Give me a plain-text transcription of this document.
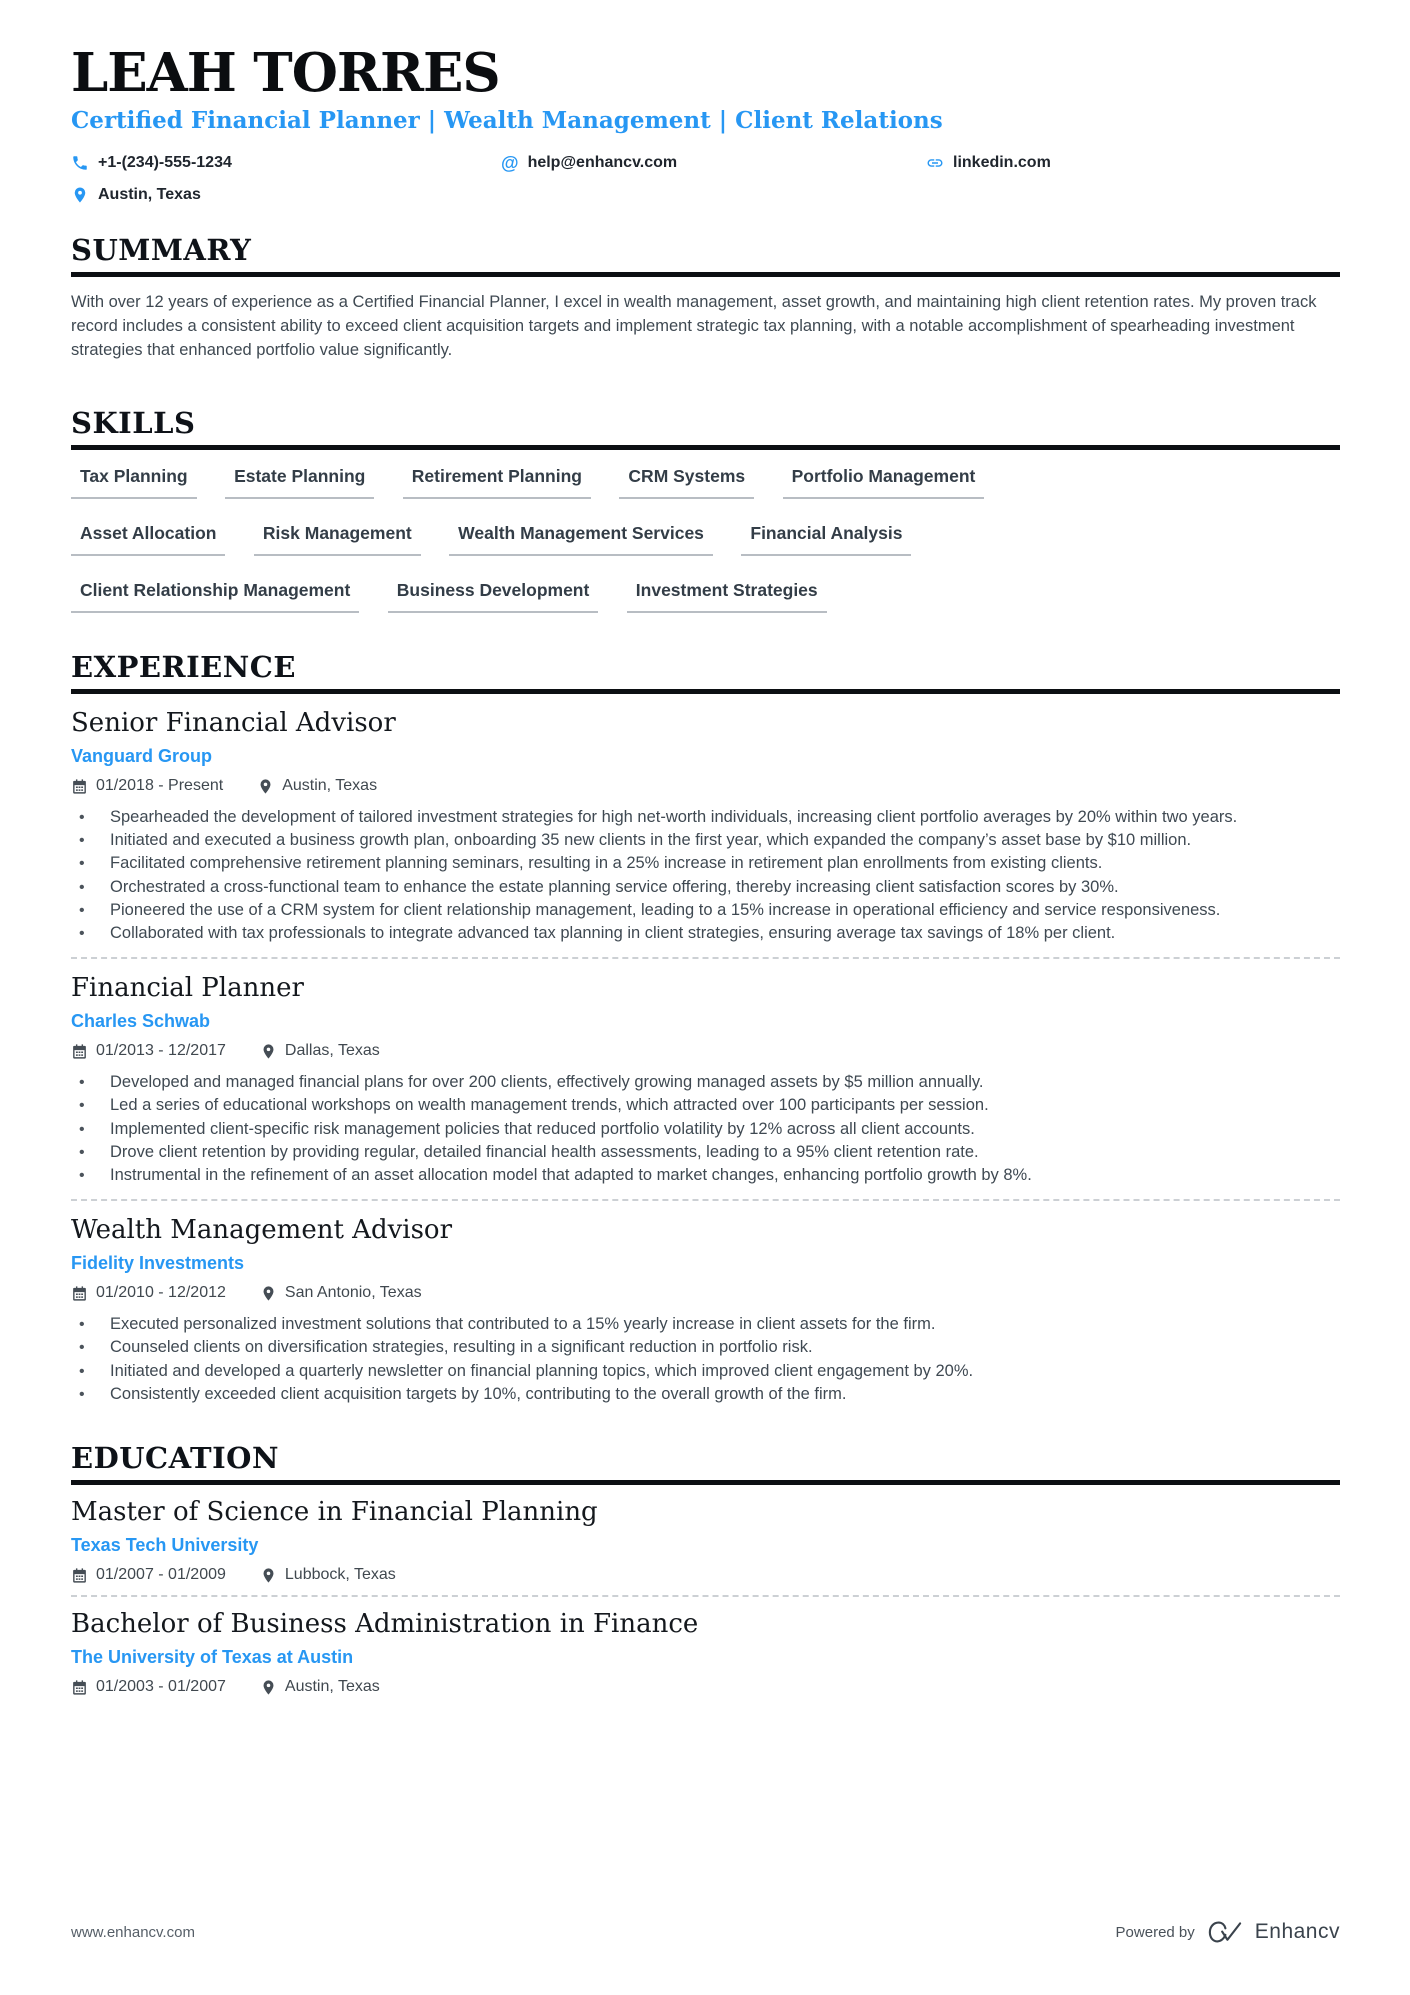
LEAH TORRES
Certified Financial Planner | Wealth Management | Client Relations
+1-(234)-555-1234 @	help@enhancv.com	linkedin.com
Austin, Texas
SUMMARY

With over 12 years of experience as a Certified Financial Planner, I excel in wealth management, asset growth, and maintaining high client retention rates. My proven track record includes a consistent ability to exceed client acquisition targets and implement strategic tax planning, with a notable accomplishment of spearheading investment strategies that enhanced portfolio value significantly.

SKILLS
Tax Planning	Estate Planning	Retirement Planning	CRM Systems	Portfolio Management
Asset Allocation	Risk Management	Wealth Management Services	Financial Analysis
Client Relationship Management	Business Development	Investment Strategies
EXPERIENCE
Senior Financial Advisor
Vanguard Group
01/2018 - Present	Austin, Texas
• Spearheaded the development of tailored investment strategies for high net-worth individuals, increasing client portfolio averages by 20% within two years.
• Initiated and executed a business growth plan, onboarding 35 new clients in the first year, which expanded the company’s asset base by $10 million.
• Facilitated comprehensive retirement planning seminars, resulting in a 25% increase in retirement plan enrollments from existing clients.
• Orchestrated a cross-functional team to enhance the estate planning service offering, thereby increasing client satisfaction scores by 30%.
• Pioneered the use of a CRM system for client relationship management, leading to a 15% increase in operational efficiency and service responsiveness.
• Collaborated with tax professionals to integrate advanced tax planning in client strategies, ensuring average tax savings of 18% per client.
Financial Planner
Charles Schwab
01/2013 - 12/2017	Dallas, Texas
• Developed and managed financial plans for over 200 clients, effectively growing managed assets by $5 million annually.
• Led a series of educational workshops on wealth management trends, which attracted over 100 participants per session.
• Implemented client-specific risk management policies that reduced portfolio volatility by 12% across all client accounts.
• Drove client retention by providing regular, detailed financial health assessments, leading to a 95% client retention rate.
• Instrumental in the refinement of an asset allocation model that adapted to market changes, enhancing portfolio growth by 8%.
Wealth Management Advisor
Fidelity Investments
01/2010 - 12/2012	San Antonio, Texas
• Executed personalized investment solutions that contributed to a 15% yearly increase in client assets for the firm.
• Counseled clients on diversification strategies, resulting in a significant reduction in portfolio risk.
• Initiated and developed a quarterly newsletter on financial planning topics, which improved client engagement by 20%.
• Consistently exceeded client acquisition targets by 10%, contributing to the overall growth of the firm.
EDUCATION
Master of Science in Financial Planning
Texas Tech University
01/2007 - 01/2009	Lubbock, Texas
Bachelor of Business Administration in Finance
The University of Texas at Austin
01/2003 - 01/2007	Austin, Texas
www.enhancv.com	Powered by	Enhancv
